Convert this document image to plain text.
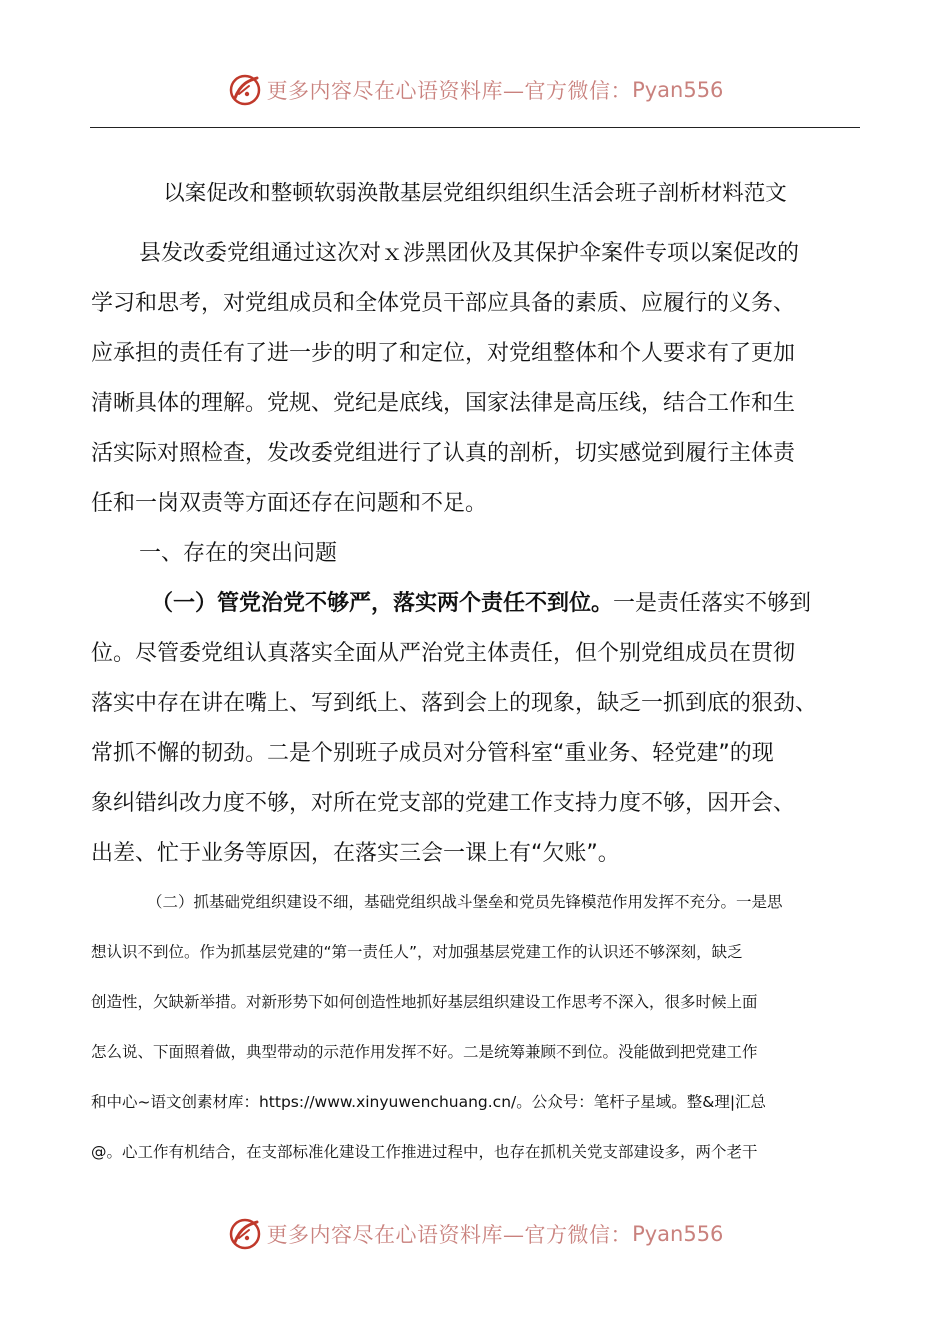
更多内容尽在心语资料库—官方微信： Pyan556
以案促改和整顿软弱涣散基层党组织组织生活会班子剖析材料范文

县发改委党组通过这次对ｘ涉黑团伙及其保护伞案件专项以案促改的

学习和思考，对党组成员和全体党员干部应具备的素质、应履行的义务、

应承担的责任有了进一步的明了和定位，对党组整体和个人要求有了更加

清晰具体的理解。党规、党纪是底线，国家法律是高压线，结合工作和生

活实际对照检查，发改委党组进行了认真的剖析，切实感觉到履行主体责

任和一岗双责等方面还存在问题和不足。

一、存在的突出问题

（一）管党治党不够严，落实两个责任不到位。一是责任落实不够到

位。尽管委党组认真落实全面从严治党主体责任，但个别党组成员在贯彻

落实中存在讲在嘴上、写到纸上、落到会上的现象，缺乏一抓到底的狠劲、

常抓不懈的韧劲。二是个别班子成员对分管科室“重业务、轻党建”的现

象纠错纠改力度不够，对所在党支部的党建工作支持力度不够，因开会、

出差、忙于业务等原因，在落实三会一课上有“欠账”。

（二）抓基础党组织建设不细，基础党组织战斗堡垒和党员先锋模范作用发挥不充分。一是思

想认识不到位。作为抓基层党建的“第一责任人”，对加强基层党建工作的认识还不够深刻，缺乏

创造性，欠缺新举措。对新形势下如何创造性地抓好基层组织建设工作思考不深入，很多时候上面

怎么说、下面照着做，典型带动的示范作用发挥不好。二是统筹兼顾不到位。没能做到把党建工作

和中心~语文创素材库：https://www.xinyuwenchuang.cn/。公众号：笔杆子星域。整&理|汇总

@。心工作有机结合，在支部标准化建设工作推进过程中，也存在抓机关党支部建设多，两个老干

更多内容尽在心语资料库—官方微信： Pyan556
